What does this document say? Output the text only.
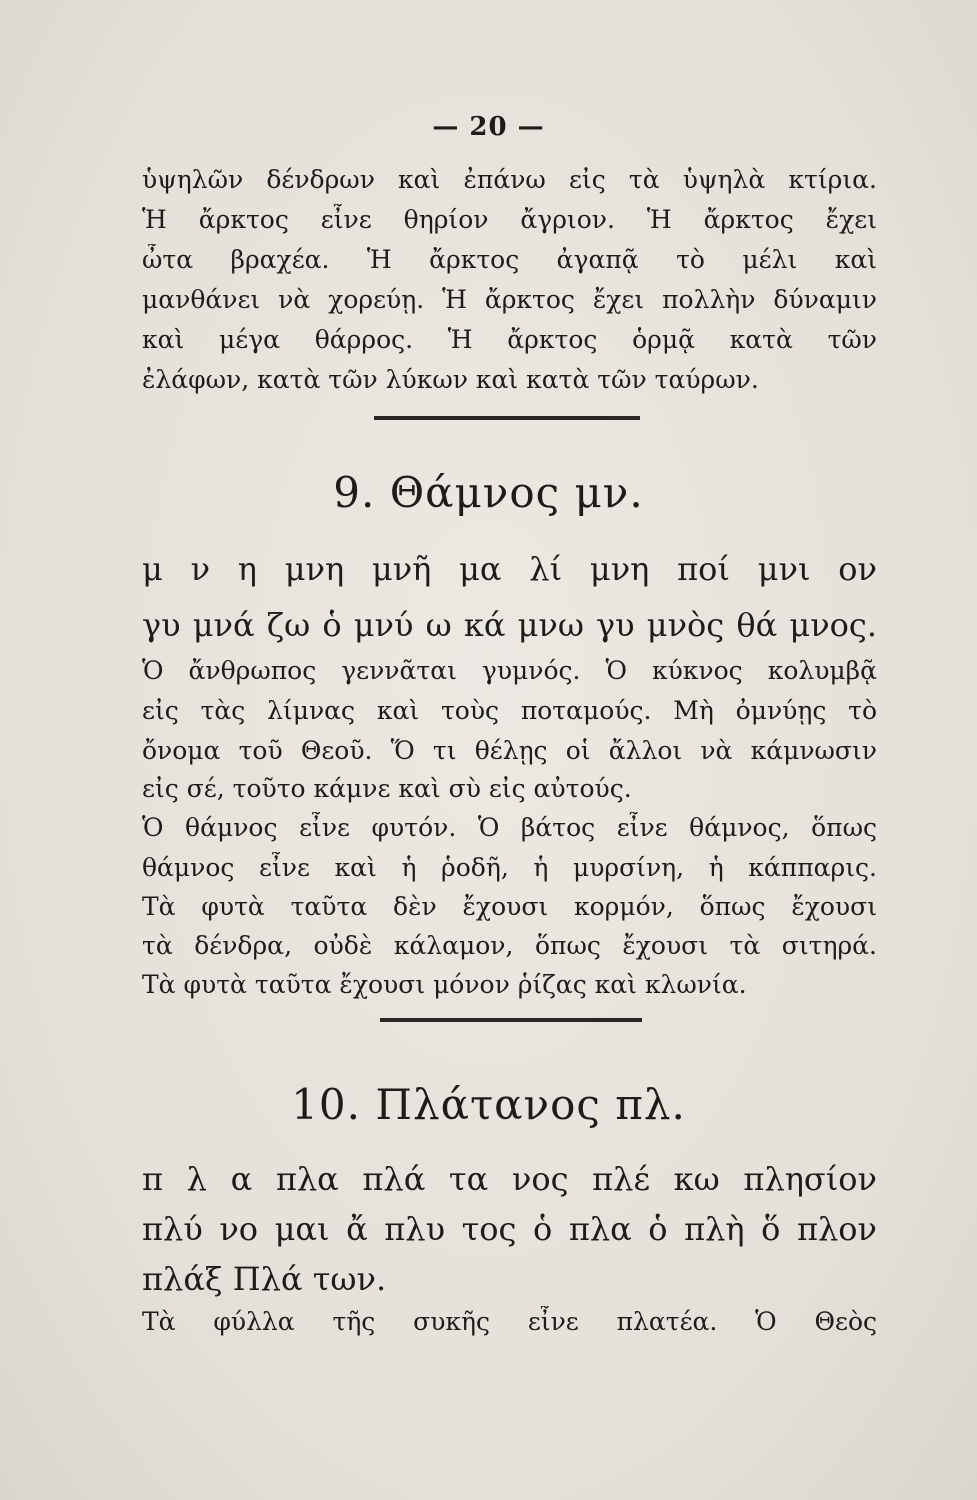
— 20 —
ὑψηλῶν δένδρων καὶ ἐπάνω εἰς τὰ ὑψηλὰ κτίρια.
Ἡ ἄρκτος εἶνε θηρίον ἄγριον. Ἡ ἄρκτος ἔχει
ὦτα βραχέα. Ἡ ἄρκτος ἀγαπᾷ τὸ μέλι καὶ
μανθάνει νὰ χορεύῃ. Ἡ ἄρκτος ἔχει πολλὴν δύναμιν
καὶ μέγα θάρρος. Ἡ ἄρκτος ὁρμᾷ κατὰ τῶν
ἐλάφων, κατὰ τῶν λύκων καὶ κατὰ τῶν ταύρων.
9. Θάμνος μν.
μ ν η μνη μνῆ μα λί μνη ποί μνι ον
γυ μνά ζω ὁ μνύ ω κά μνω γυ μνὸς θά μνος.
Ὁ ἄνθρωπος γεννᾶται γυμνός. Ὁ κύκνος κολυμβᾷ
εἰς τὰς λίμνας καὶ τοὺς ποταμούς. Μὴ ὀμνύῃς τὸ
ὄνομα τοῦ Θεοῦ. Ὅ τι θέλῃς οἱ ἄλλοι νὰ κάμνωσιν
εἰς σέ, τοῦτο κάμνε καὶ σὺ εἰς αὐτούς.
Ὁ θάμνος εἶνε φυτόν. Ὁ βάτος εἶνε θάμνος, ὅπως
θάμνος εἶνε καὶ ἡ ῥοδῆ, ἡ μυρσίνη, ἡ κάππαρις.
Τὰ φυτὰ ταῦτα δὲν ἔχουσι κορμόν, ὅπως ἔχουσι
τὰ δένδρα, οὐδὲ κάλαμον, ὅπως ἔχουσι τὰ σιτηρά.
Τὰ φυτὰ ταῦτα ἔχουσι μόνον ῥίζας καὶ κλωνία.
10. Πλάτανος πλ.
π λ α πλα πλά τα νος πλέ κω πλησίον
πλύ νο μαι ἄ πλυ τος ὁ πλα ὁ πλὴ ὅ πλον
πλάξ Πλά των.
Τὰ φύλλα τῆς συκῆς εἶνε πλατέα. Ὁ Θεὸς
